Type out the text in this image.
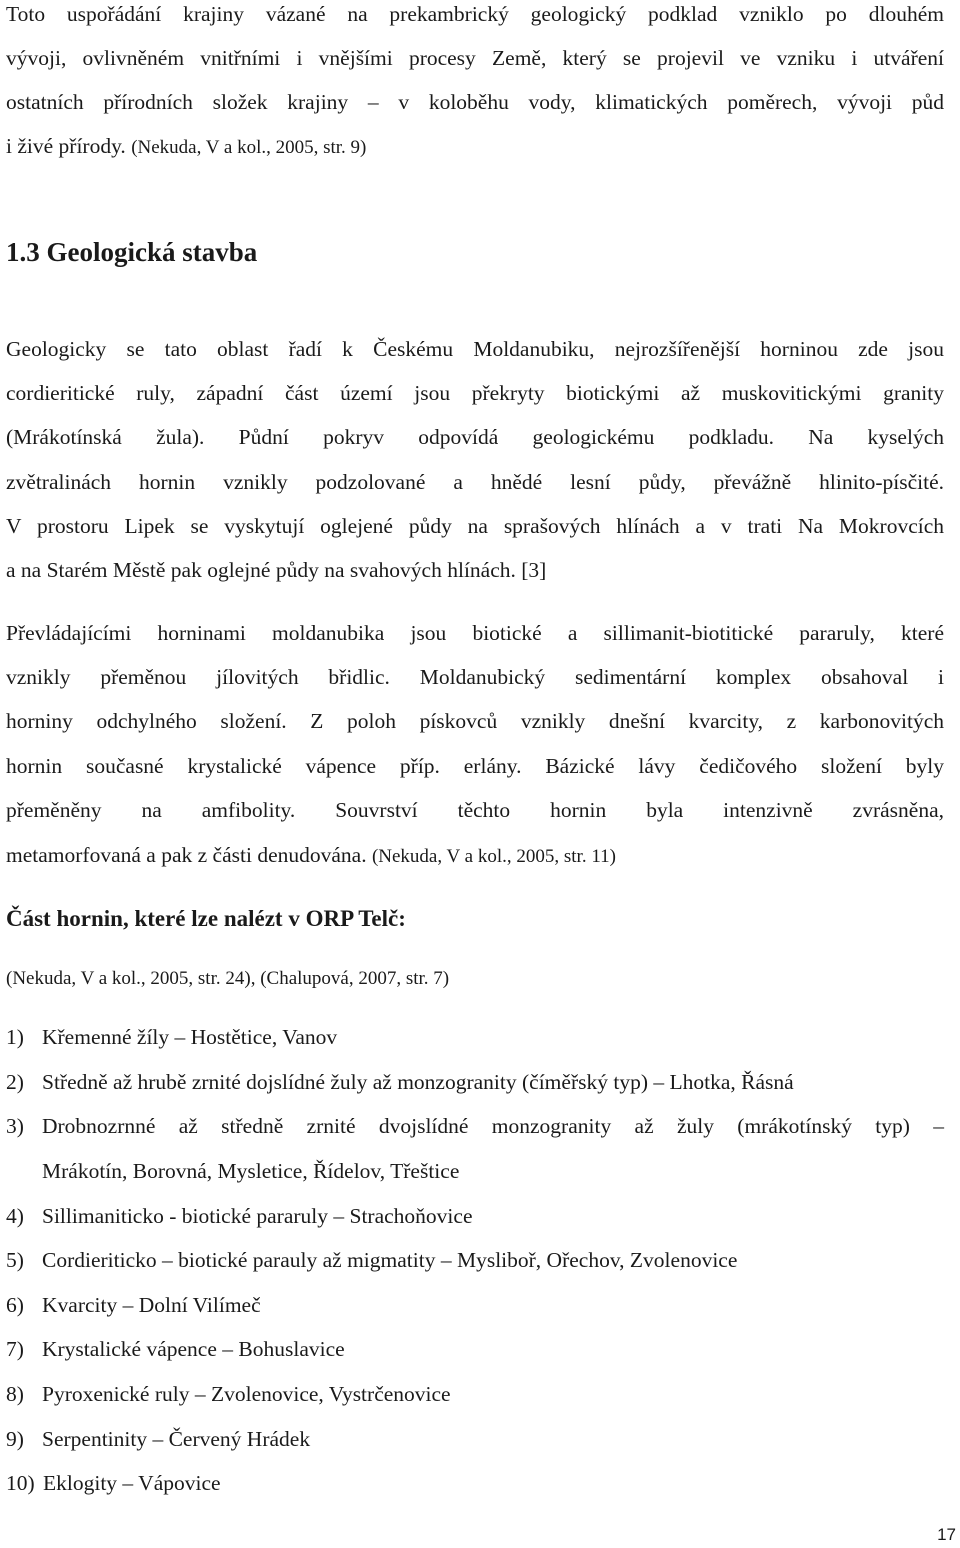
Toto uspořádání krajiny vázané na prekambrický geologický podklad vzniklo po dlouhém
vývoji, ovlivněném vnitřními i vnějšími procesy Země, který se projevil ve vzniku i utváření
ostatních přírodních složek krajiny – v koloběhu vody, klimatických poměrech, vývoji půd
i živé přírody. (Nekuda, V a kol., 2005, str. 9)
1.3 Geologická stavba
Geologicky se tato oblast řadí k Českému Moldanubiku, nejrozšířenější horninou zde jsou
cordieritické ruly, západní část území jsou překryty biotickými až muskovitickými granity
(Mrákotínská žula). Půdní pokryv odpovídá geologickému podkladu. Na kyselých
zvětralinách hornin vznikly podzolované a hnědé lesní půdy, převážně hlinito-písčité.
V prostoru Lipek se vyskytují oglejené půdy na sprašových hlínách a v trati Na Mokrovcích
a na Starém Městě pak oglejné půdy na svahových hlínách. [3]
Převládajícími horninami moldanubika jsou biotické a sillimanit-biotitické pararuly, které
vznikly přeměnou jílovitých břidlic. Moldanubický sedimentární komplex obsahoval i
horniny odchylného složení. Z poloh pískovců vznikly dnešní kvarcity, z karbonovitých
hornin současné krystalické vápence příp. erlány. Bázické lávy čedičového složení byly
přeměněny na amfibolity. Souvrství těchto hornin byla intenzivně zvrásněna,
metamorfovaná a pak z části denudována. (Nekuda, V a kol., 2005, str. 11)
Část hornin, které lze nalézt v ORP Telč:
(Nekuda, V a kol., 2005, str. 24), (Chalupová, 2007, str. 7)
1) Křemenné žíly – Hostětice, Vanov
2) Středně až hrubě zrnité dojslídné žuly až monzogranity (číměřský typ) – Lhotka, Řásná
3) Drobnozrnné až středně zrnité dvojslídné monzogranity až žuly (mrákotínský typ) –
Mrákotín, Borovná, Mysletice, Řídelov, Třeštice
4) Sillimaniticko - biotické pararuly – Strachoňovice
5) Cordieriticko – biotické parauly až migmatity – Mysliboř, Ořechov, Zvolenovice
6) Kvarcity – Dolní Vilímeč
7) Krystalické vápence – Bohuslavice
8) Pyroxenické ruly – Zvolenovice, Vystrčenovice
9) Serpentinity – Červený Hrádek
10) Eklogity – Vápovice
17
